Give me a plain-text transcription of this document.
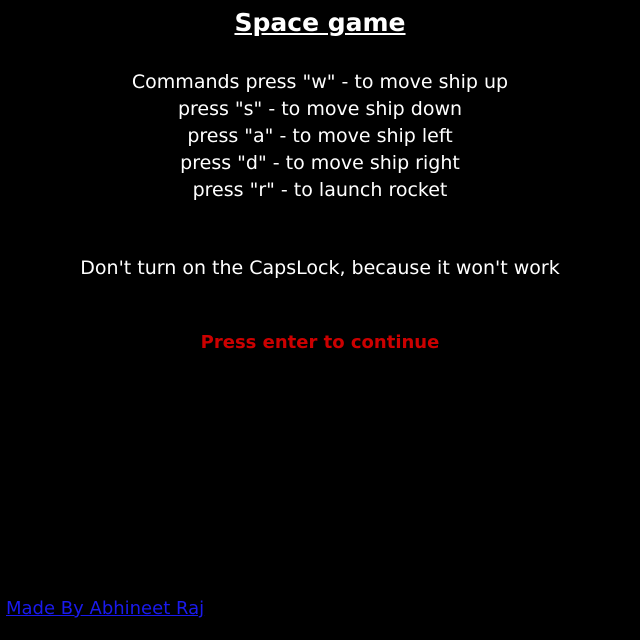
Space game
Commands press "w" - to move ship up
press "s" - to move ship down
press "a" - to move ship left
press "d" - to move ship right
press "r" - to launch rocket
Don't turn on the CapsLock, because it won't work
Press enter to continue
Made By Abhineet Raj
